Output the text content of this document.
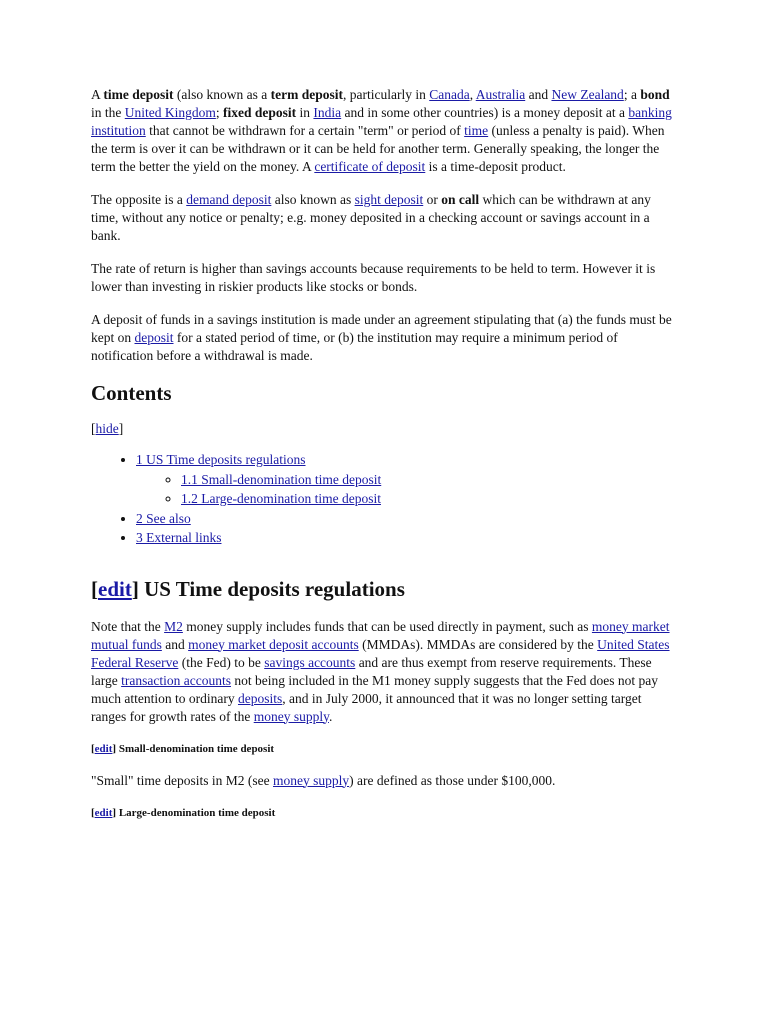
A time deposit (also known as a term deposit, particularly in Canada, Australia and New Zealand; a bond in the United Kingdom; fixed deposit in India and in some other countries) is a money deposit at a banking institution that cannot be withdrawn for a certain "term" or period of time (unless a penalty is paid). When the term is over it can be withdrawn or it can be held for another term. Generally speaking, the longer the term the better the yield on the money. A certificate of deposit is a time-deposit product.

The opposite is a demand deposit also known as sight deposit or on call which can be withdrawn at any time, without any notice or penalty; e.g. money deposited in a checking account or savings account in a bank.

The rate of return is higher than savings accounts because requirements to be held to term. However it is lower than investing in riskier products like stocks or bonds.

A deposit of funds in a savings institution is made under an agreement stipulating that (a) the funds must be kept on deposit for a stated period of time, or (b) the institution may require a minimum period of notification before a withdrawal is made.

Contents
[hide]
• 1 US Time deposits regulations
◦ 1.1 Small-denomination time deposit
◦ 1.2 Large-denomination time deposit
• 2 See also
• 3 External links
[edit] US Time deposits regulations

Note that the M2 money supply includes funds that can be used directly in payment, such as money market mutual funds and money market deposit accounts (MMDAs). MMDAs are considered by the United States Federal Reserve (the Fed) to be savings accounts and are thus exempt from reserve requirements. These large transaction accounts not being included in the M1 money supply suggests that the Fed does not pay much attention to ordinary deposits, and in July 2000, it announced that it was no longer setting target ranges for growth rates of the money supply.

[edit] Small-denomination time deposit

"Small" time deposits in M2 (see money supply) are defined as those under $100,000.

[edit] Large-denomination time deposit
